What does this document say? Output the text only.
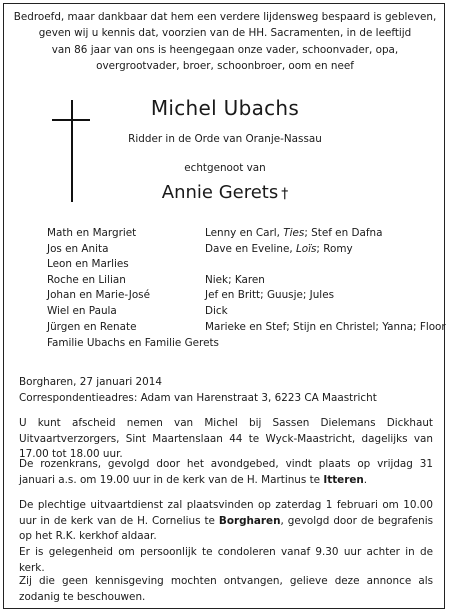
Bedroefd, maar dankbaar dat hem een verdere lijdensweg bespaard is gebleven,
geven wij u kennis dat, voorzien van de HH. Sacramenten, in de leeftijd
van 86 jaar van ons is heengegaan onze vader, schoonvader, opa,
overgrootvader, broer, schoonbroer, oom en neef
Michel Ubachs
Ridder in de Orde van Oranje-Nassau
echtgenoot van
Annie Gerets †
Math en Margriet	Lenny en Carl, Ties; Stef en Dafna
Jos en Anita	Dave en Eveline, Loïs; Romy
Leon en Marlies
Roche en Lilian	Niek; Karen
Johan en Marie-José	Jef en Britt; Guusje; Jules
Wiel en Paula	Dick
Jürgen en Renate	Marieke en Stef; Stijn en Christel; Yanna; Floor
Familie Ubachs en Familie Gerets
Borgharen, 27 januari 2014
Correspondentieadres: Adam van Harenstraat 3, 6223 CA Maastricht
U kunt afscheid nemen van Michel bij Sassen Dielemans Dickhaut Uitvaartverzorgers, Sint Maartenslaan 44 te Wyck-Maastricht, dagelijks van 17.00 tot 18.00 uur.
De rozenkrans, gevolgd door het avondgebed, vindt plaats op vrijdag 31 januari a.s. om 19.00 uur in de kerk van de H. Martinus te Itteren.
De plechtige uitvaartdienst zal plaatsvinden op zaterdag 1 februari om 10.00 uur in de kerk van de H. Cornelius te Borgharen, gevolgd door de begrafenis op het R.K. kerkhof aldaar.
Er is gelegenheid om persoonlijk te condoleren vanaf 9.30 uur achter in de kerk.
Zij die geen kennisgeving mochten ontvangen, gelieve deze annonce als zodanig te beschouwen.
